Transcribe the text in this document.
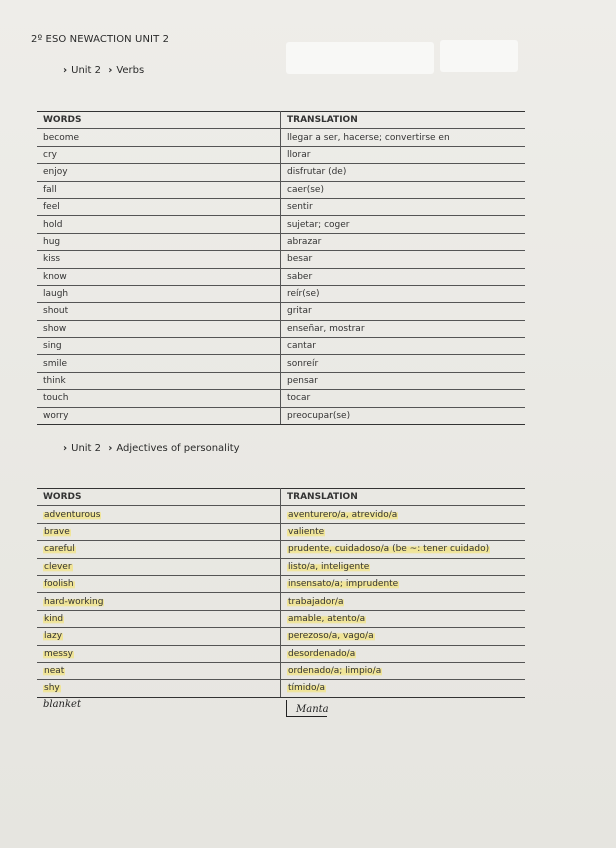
2º ESO NEWACTION UNIT 2
› Unit 2 › Verbs
WORDS	TRANSLATION
become	llegar a ser, hacerse; convertirse en
cry	llorar
enjoy	disfrutar (de)
fall	caer(se)
feel	sentir
hold	sujetar; coger
hug	abrazar
kiss	besar
know	saber
laugh	reír(se)
shout	gritar
show	enseñar, mostrar
sing	cantar
smile	sonreír
think	pensar
touch	tocar
worry	preocupar(se)
› Unit 2 › Adjectives of personality
WORDS	TRANSLATION
adventurous	aventurero/a, atrevido/a
brave	valiente
careful	prudente, cuidadoso/a (be ~: tener cuidado)
clever	listo/a, inteligente
foolish	insensato/a; imprudente
hard-working	trabajador/a
kind	amable, atento/a
lazy	perezoso/a, vago/a
messy	desordenado/a
neat	ordenado/a; limpio/a
shy	tímido/a
blanket	Manta
